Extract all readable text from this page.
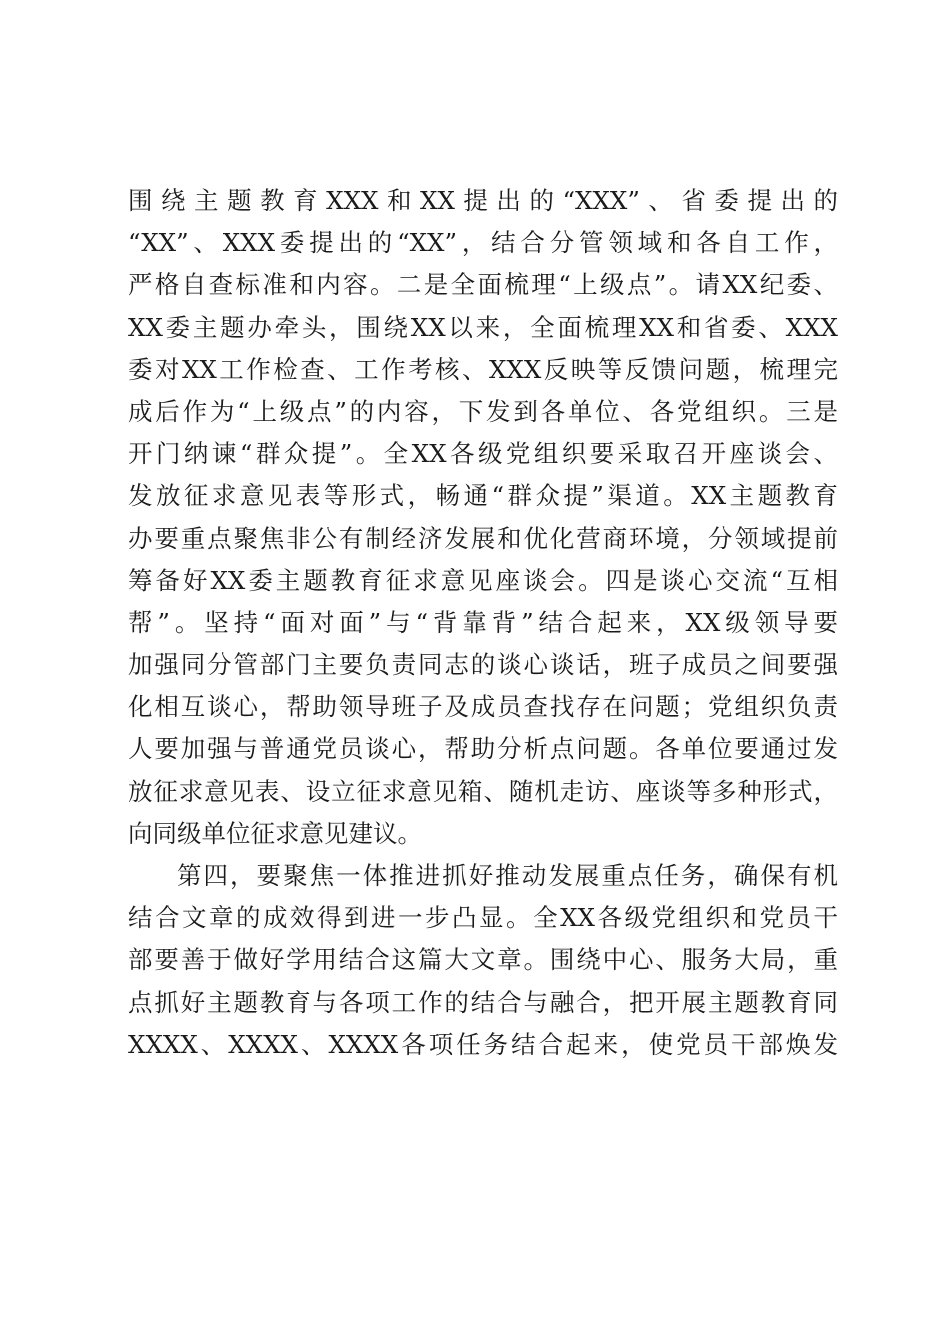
围绕主题教育XXX和XX提出的“XXX”、省委提出的
“XX”、XXX委提出的“XX”，结合分管领域和各自工作，
严格自查标准和内容。二是全面梳理“上级点”。请XX纪委、
XX委主题办牵头，围绕XX以来，全面梳理XX和省委、XXX
委对XX工作检查、工作考核、XXX反映等反馈问题，梳理完
成后作为“上级点”的内容，下发到各单位、各党组织。三是
开门纳谏“群众提”。全XX各级党组织要采取召开座谈会、
发放征求意见表等形式，畅通“群众提”渠道。XX主题教育
办要重点聚焦非公有制经济发展和优化营商环境，分领域提前
筹备好XX委主题教育征求意见座谈会。四是谈心交流“互相
帮”。坚持“面对面”与“背靠背”结合起来，XX级领导要
加强同分管部门主要负责同志的谈心谈话，班子成员之间要强
化相互谈心，帮助领导班子及成员查找存在问题；党组织负责
人要加强与普通党员谈心，帮助分析点问题。各单位要通过发
放征求意见表、设立征求意见箱、随机走访、座谈等多种形式，
向同级单位征求意见建议。
第四，要聚焦一体推进抓好推动发展重点任务，确保有机
结合文章的成效得到进一步凸显。全XX各级党组织和党员干
部要善于做好学用结合这篇大文章。围绕中心、服务大局，重
点抓好主题教育与各项工作的结合与融合，把开展主题教育同
XXXX、XXXX、XXXX各项任务结合起来，使党员干部焕发
